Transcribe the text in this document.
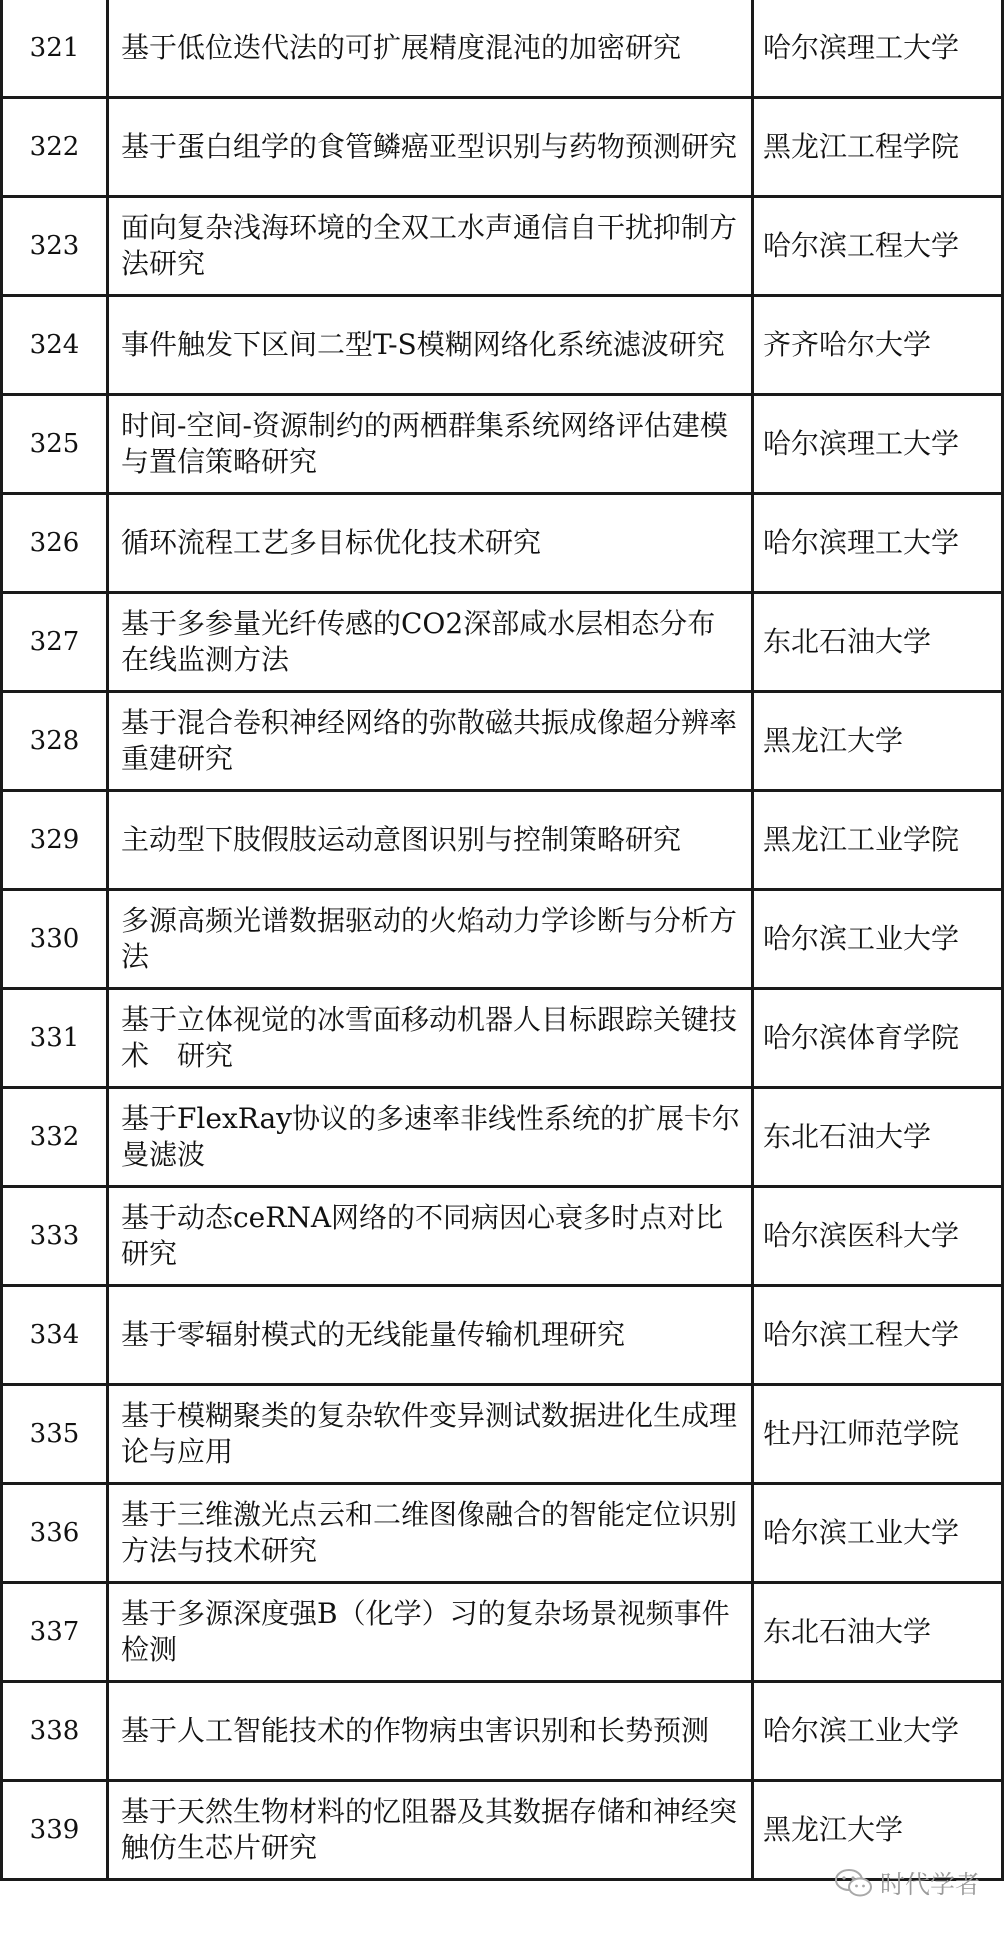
321	基于低位迭代法的可扩展精度混沌的加密研究	哈尔滨理工大学
322	基于蛋白组学的食管鳞癌亚型识别与药物预测研究	黑龙江工程学院
323	面向复杂浅海环境的全双工水声通信自干扰抑制方法研究	哈尔滨工程大学
324	事件触发下区间二型T-S模糊网络化系统滤波研究	齐齐哈尔大学
325	时间-空间-资源制约的两栖群集系统网络评估建模与置信策略研究	哈尔滨理工大学
326	循环流程工艺多目标优化技术研究	哈尔滨理工大学
327	基于多参量光纤传感的CO2深部咸水层相态分布在线监测方法	东北石油大学
328	基于混合卷积神经网络的弥散磁共振成像超分辨率重建研究	黑龙江大学
329	主动型下肢假肢运动意图识别与控制策略研究	黑龙江工业学院
330	多源高频光谱数据驱动的火焰动力学诊断与分析方法	哈尔滨工业大学
331	基于立体视觉的冰雪面移动机器人目标跟踪关键技术　研究	哈尔滨体育学院
332	基于FlexRay协议的多速率非线性系统的扩展卡尔曼滤波	东北石油大学
333	基于动态ceRNA网络的不同病因心衰多时点对比研究	哈尔滨医科大学
334	基于零辐射模式的无线能量传输机理研究	哈尔滨工程大学
335	基于模糊聚类的复杂软件变异测试数据进化生成理论与应用	牡丹江师范学院
336	基于三维激光点云和二维图像融合的智能定位识别方法与技术研究	哈尔滨工业大学
337	基于多源深度强B（化学）习的复杂场景视频事件检测	东北石油大学
338	基于人工智能技术的作物病虫害识别和长势预测	哈尔滨工业大学
339	基于天然生物材料的忆阻器及其数据存储和神经突触仿生芯片研究	黑龙江大学
时代学者
